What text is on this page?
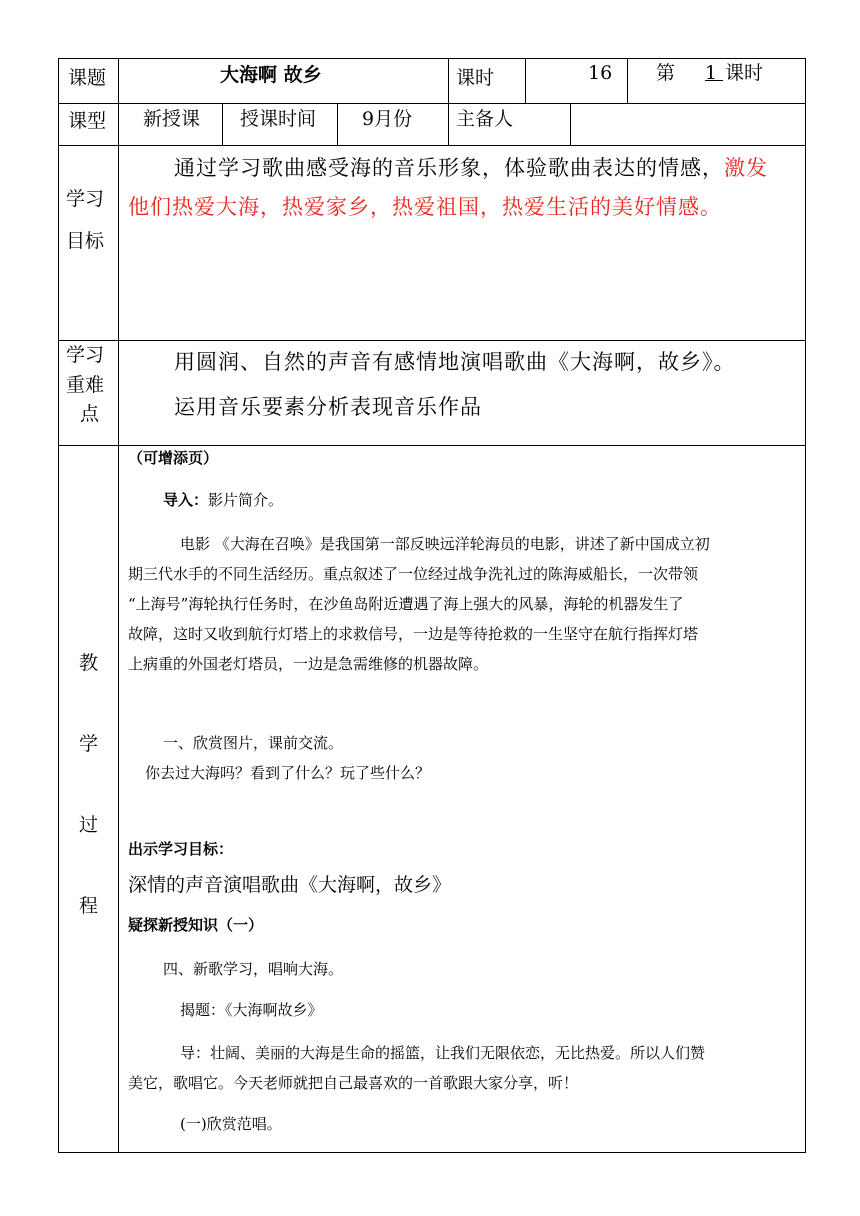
课题	大海啊 故乡	课时	16 第 1 课时
课型 新授课 授课时间 9月份 主备人
学习
目标
通过学习歌曲感受海的音乐形象，体验歌曲表达的情感，激发
他们热爱大海，热爱家乡，热爱祖国，热爱生活的美好情感。
学习
重难
点
用圆润、自然的声音有感情地演唱歌曲《大海啊，故乡》。
运用音乐要素分析表现音乐作品
教
学
过
程
（可增添页）
导入：影片简介。
电影 《大海在召唤》是我国第一部反映远洋轮海员的电影，讲述了新中国成立初
期三代水手的不同生活经历。重点叙述了一位经过战争洗礼过的陈海威船长，一次带领
“上海号”海轮执行任务时，在沙鱼岛附近遭遇了海上强大的风暴，海轮的机器发生了
故障，这时又收到航行灯塔上的求救信号，一边是等待抢救的一生坚守在航行指挥灯塔
上病重的外国老灯塔员，一边是急需维修的机器故障。
一、欣赏图片，课前交流。
你去过大海吗？看到了什么？玩了些什么？
出示学习目标：
深情的声音演唱歌曲《大海啊，故乡》
疑探新授知识（一）
四、新歌学习，唱响大海。
揭题：《大海啊故乡》
导：壮阔、美丽的大海是生命的摇篮，让我们无限依恋，无比热爱。所以人们赞
美它，歌唱它。今天老师就把自己最喜欢的一首歌跟大家分享，听！
(一)欣赏范唱。
